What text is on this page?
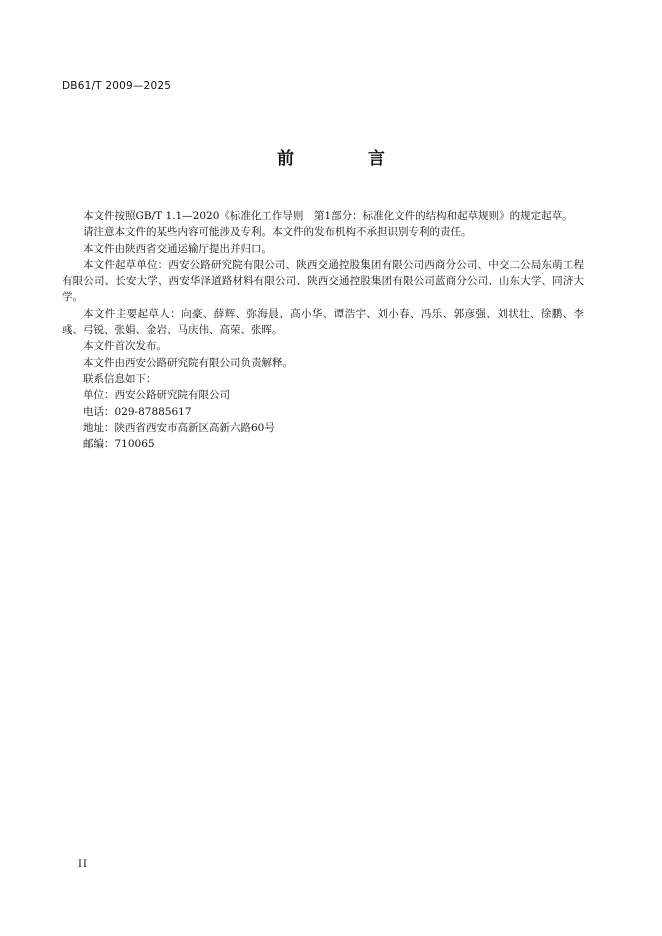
DB61/T 2009—2025
前 言

本文件按照GB/T 1.1—2020《标准化工作导则　第1部分：标准化文件的结构和起草规则》的规定起草。

请注意本文件的某些内容可能涉及专利。本文件的发布机构不承担识别专利的责任。

本文件由陕西省交通运输厅提出并归口。

本文件起草单位：西安公路研究院有限公司、陕西交通控股集团有限公司西商分公司、中交二公局东萌工程有限公司、长安大学、西安华泽道路材料有限公司、陕西交通控股集团有限公司蓝商分公司、山东大学、同济大学。

本文件主要起草人：向豪、薛辉、弥海晨、高小华、谭浩宇、刘小春、冯乐、郭彦强、刘状壮、徐鹏、李彧、弓锐、张娟、金岩、马庆伟、高荣、张晖。

本文件首次发布。

本文件由西安公路研究院有限公司负责解释。

联系信息如下：

单位：西安公路研究院有限公司

电话：029-87885617

地址：陕西省西安市高新区高新六路60号

邮编：710065

II
